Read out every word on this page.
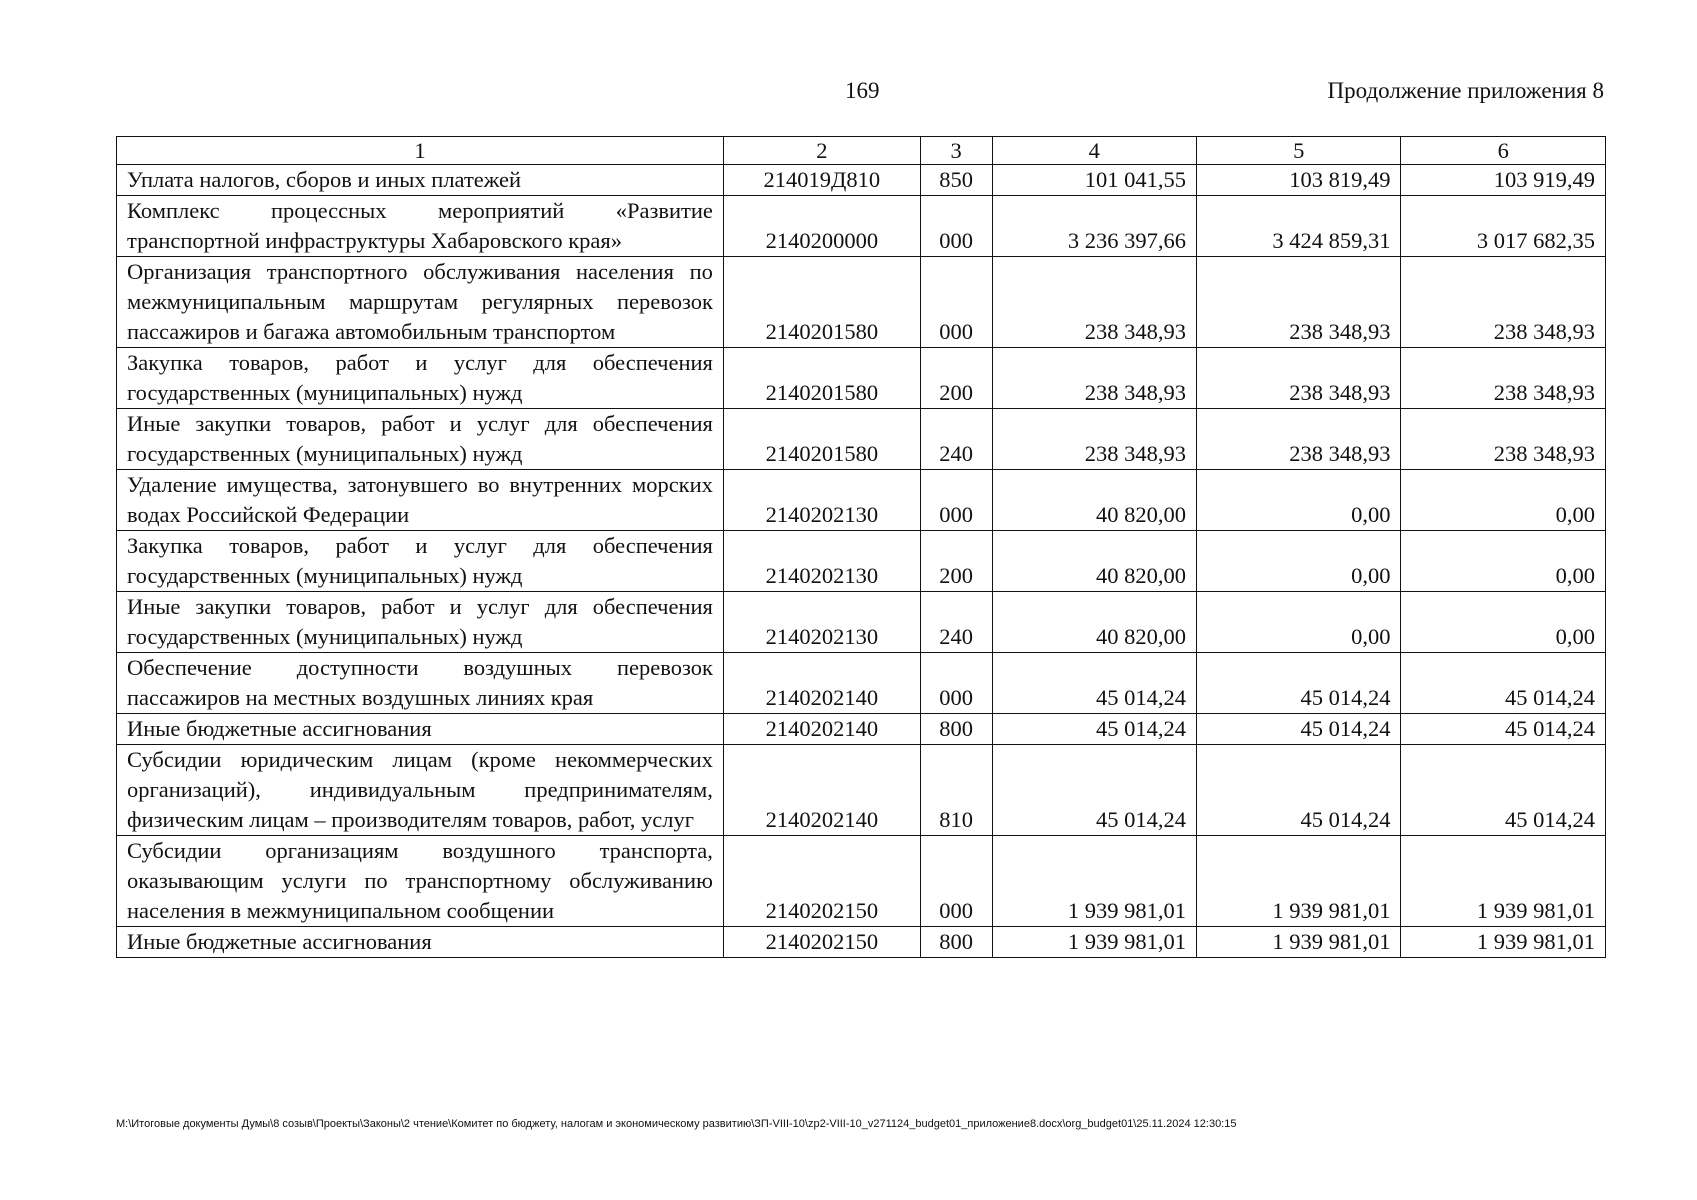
169	Продолжение приложения 8
1	2	3	4	5	6
Уплата налогов, сборов и иных платежей	214019Д810	850	101 041,55	103 819,49	103 919,49
Комплекс процессных мероприятий «Развитие транспортной инфраструктуры Хабаровского края»	2140200000	000	3 236 397,66	3 424 859,31	3 017 682,35
Организация транспортного обслуживания населения по межмуниципальным маршрутам регулярных перевозок пассажиров и багажа автомобильным транспортом	2140201580	000	238 348,93	238 348,93	238 348,93
Закупка товаров, работ и услуг для обеспечения государственных (муниципальных) нужд	2140201580	200	238 348,93	238 348,93	238 348,93
Иные закупки товаров, работ и услуг для обеспечения государственных (муниципальных) нужд	2140201580	240	238 348,93	238 348,93	238 348,93
Удаление имущества, затонувшего во внутренних морских водах Российской Федерации	2140202130	000	40 820,00	0,00	0,00
Закупка товаров, работ и услуг для обеспечения государственных (муниципальных) нужд	2140202130	200	40 820,00	0,00	0,00
Иные закупки товаров, работ и услуг для обеспечения государственных (муниципальных) нужд	2140202130	240	40 820,00	0,00	0,00
Обеспечение доступности воздушных перевозок пассажиров на местных воздушных линиях края	2140202140	000	45 014,24	45 014,24	45 014,24
Иные бюджетные ассигнования	2140202140	800	45 014,24	45 014,24	45 014,24
Субсидии юридическим лицам (кроме некоммерческих организаций), индивидуальным предпринимателям, физическим лицам – производителям товаров, работ, услуг	2140202140	810	45 014,24	45 014,24	45 014,24
Субсидии организациям воздушного транспорта, оказывающим услуги по транспортному обслуживанию населения в межмуниципальном сообщении	2140202150	000	1 939 981,01	1 939 981,01	1 939 981,01
Иные бюджетные ассигнования	2140202150	800	1 939 981,01	1 939 981,01	1 939 981,01
M:\Итоговые документы Думы\8 созыв\Проекты\Законы\2 чтение\Комитет по бюджету, налогам и экономическому развитию\ЗП-VIII-10\zp2-VIII-10_v271124_budget01_приложение8.docx\org_budget01\25.11.2024 12:30:15
